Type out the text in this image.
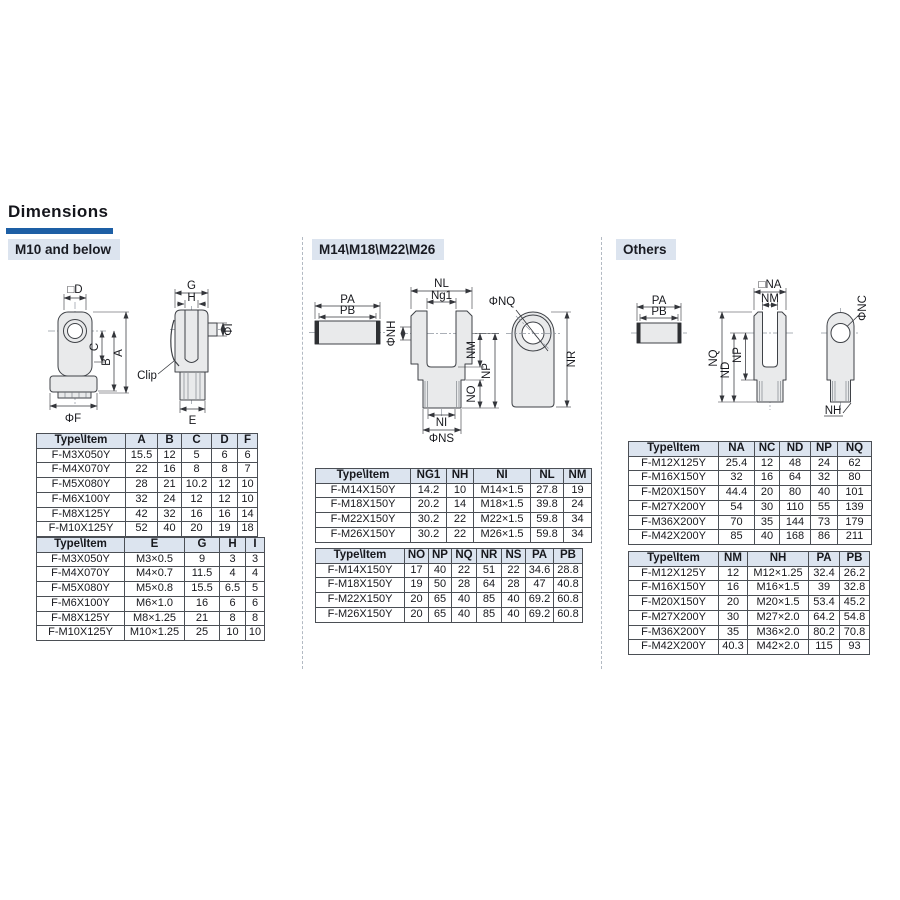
Dimensions
M10 and below	M14\M18\M22\M26	Others
□D
ΦF
C
B
A
G
H
ΦI
E
Clip
PA
PB
NL
Ng1
ΦNH
NM
NP
NO
NI
ΦNS
ΦNQ
NR
PA
PB
□NA
NM
NQ
ND
NP
ΦNC
NH
Type\Item	A	B	C	D	F
F-M3X050Y	15.5	12	5	6	6
F-M4X070Y	22	16	8	8	7
F-M5X080Y	28	21	10.2	12	10
F-M6X100Y	32	24	12	12	10
F-M8X125Y	42	32	16	16	14
F-M10X125Y	52	40	20	19	18
Type\Item	E	G	H	I
F-M3X050Y	M3×0.5	9	3	3
F-M4X070Y	M4×0.7	11.5	4	4
F-M5X080Y	M5×0.8	15.5	6.5	5
F-M6X100Y	M6×1.0	16	6	6
F-M8X125Y	M8×1.25	21	8	8
F-M10X125Y	M10×1.25	25	10	10
Type\Item	NG1	NH	NI	NL	NM
F-M14X150Y	14.2	10	M14×1.5	27.8	19
F-M18X150Y	20.2	14	M18×1.5	39.8	24
F-M22X150Y	30.2	22	M22×1.5	59.8	34
F-M26X150Y	30.2	22	M26×1.5	59.8	34
Type\Item	NO	NP	NQ	NR	NS	PA	PB
F-M14X150Y	17	40	22	51	22	34.6	28.8
F-M18X150Y	19	50	28	64	28	47	40.8
F-M22X150Y	20	65	40	85	40	69.2	60.8
F-M26X150Y	20	65	40	85	40	69.2	60.8
Type\Item	NA	NC	ND	NP	NQ
F-M12X125Y	25.4	12	48	24	62
F-M16X150Y	32	16	64	32	80
F-M20X150Y	44.4	20	80	40	101
F-M27X200Y	54	30	110	55	139
F-M36X200Y	70	35	144	73	179
F-M42X200Y	85	40	168	86	211
Type\Item	NM	NH	PA	PB
F-M12X125Y	12	M12×1.25	32.4	26.2
F-M16X150Y	16	M16×1.5	39	32.8
F-M20X150Y	20	M20×1.5	53.4	45.2
F-M27X200Y	30	M27×2.0	64.2	54.8
F-M36X200Y	35	M36×2.0	80.2	70.8
F-M42X200Y	40.3	M42×2.0	115	93
